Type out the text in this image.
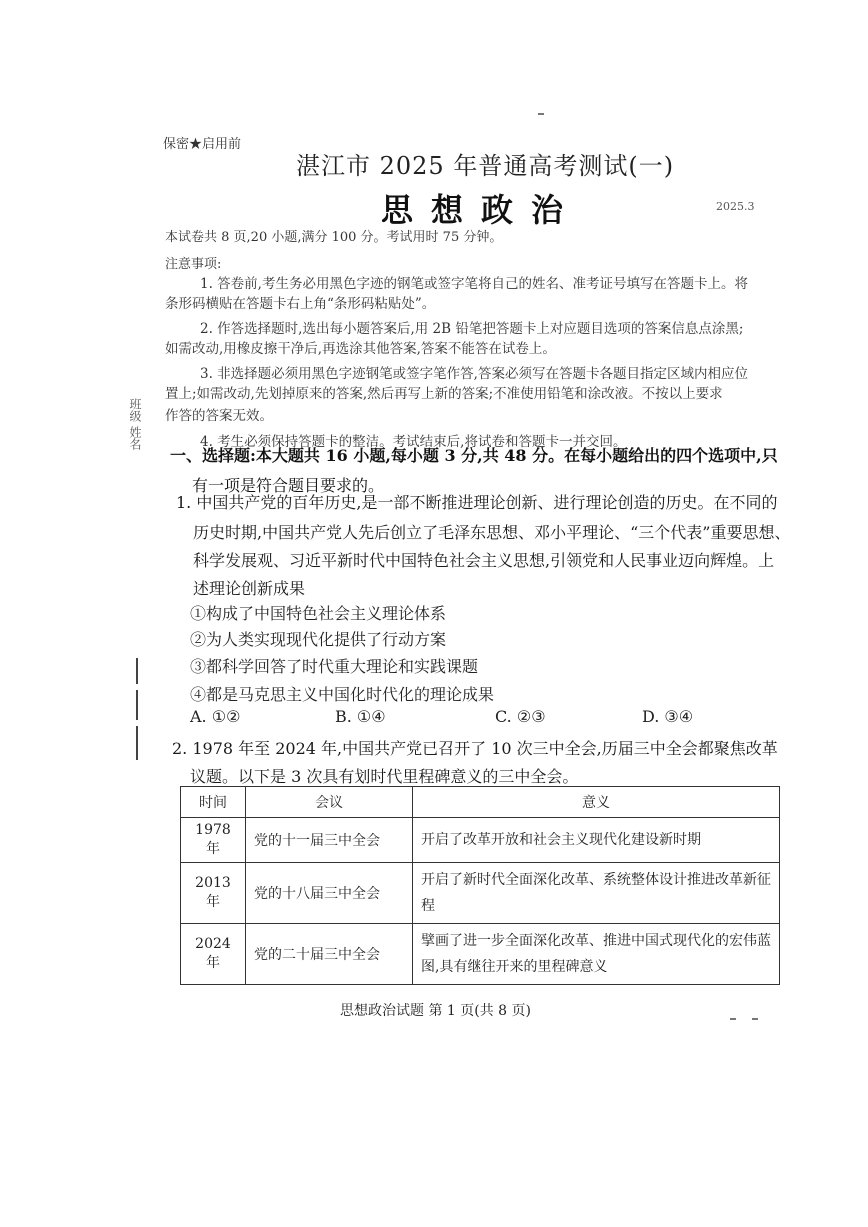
保密★启用前
湛江市 2025 年普通高考测试(一)
思想政治	2025.3
本试卷共 8 页,20 小题,满分 100 分。考试用时 75 分钟。
注意事项:
1. 答卷前,考生务必用黑色字迹的钢笔或签字笔将自己的姓名、准考证号填写在答题卡上。将
条形码横贴在答题卡右上角“条形码粘贴处”。
2. 作答选择题时,选出每小题答案后,用 2B 铅笔把答题卡上对应题目选项的答案信息点涂黑;
如需改动,用橡皮擦干净后,再选涂其他答案,答案不能答在试卷上。
3. 非选择题必须用黑色字迹钢笔或签字笔作答,答案必须写在答题卡各题目指定区域内相应位
置上;如需改动,先划掉原来的答案,然后再写上新的答案;不准使用铅笔和涂改液。不按以上要求
作答的答案无效。
4. 考生必须保持答题卡的整洁。考试结束后,将试卷和答题卡一并交回。
一、选择题:本大题共 16 小题,每小题 3 分,共 48 分。在每小题给出的四个选项中,只
有一项是符合题目要求的。
1. 中国共产党的百年历史,是一部不断推进理论创新、进行理论创造的历史。在不同的
历史时期,中国共产党人先后创立了毛泽东思想、邓小平理论、“三个代表”重要思想、
科学发展观、习近平新时代中国特色社会主义思想,引领党和人民事业迈向辉煌。上
述理论创新成果
①构成了中国特色社会主义理论体系
②为人类实现现代化提供了行动方案
③都科学回答了时代重大理论和实践课题
④都是马克思主义中国化时代化的理论成果
A. ①②	B. ①④	C. ②③	D. ③④
2. 1978 年至 2024 年,中国共产党已召开了 10 次三中全会,历届三中全会都聚焦改革
议题。以下是 3 次具有划时代里程碑意义的三中全会。
时间	会议	意义
1978 年	党的十一届三中全会	开启了改革开放和社会主义现代化建设新时期
2013 年	党的十八届三中全会	开启了新时代全面深化改革、系统整体设计推进改革新征程
2024 年	党的二十届三中全会	擘画了进一步全面深化改革、推进中国式现代化的宏伟蓝图,具有继往开来的里程碑意义
思想政治试题 第 1 页(共 8 页)
班级 姓名
